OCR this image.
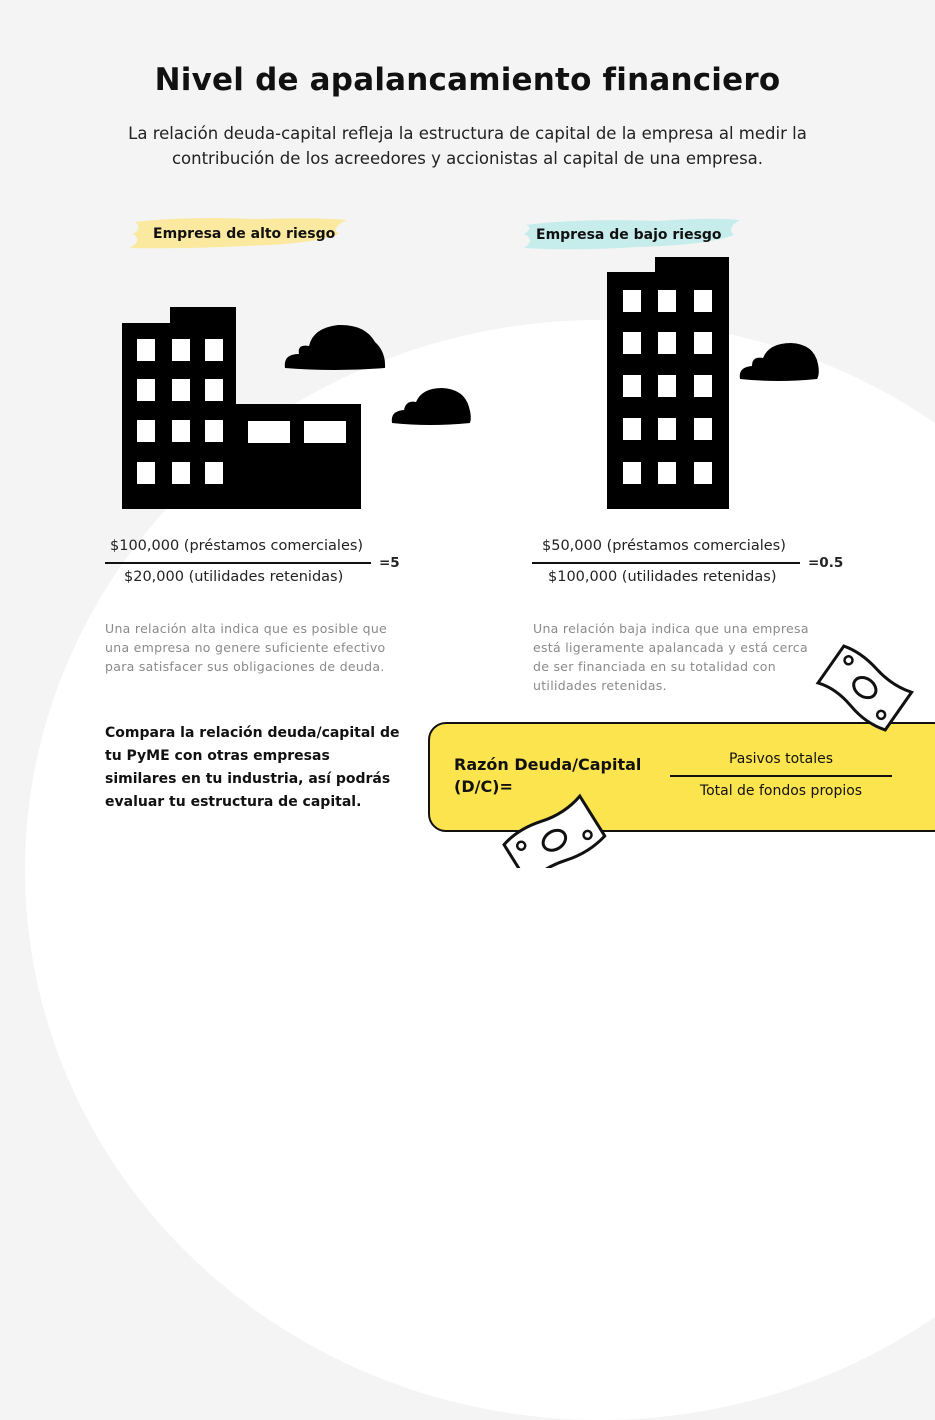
Nivel de apalancamiento financiero
La relación deuda-capital refleja la estructura de capital de la empresa al medir la contribución de los acreedores y accionistas al capital de una empresa.
Empresa de alto riesgo	Empresa de bajo riesgo
$100,000 (préstamos comerciales)
$20,000 (utilidades retenidas)
=5
$50,000 (préstamos comerciales)
$100,000 (utilidades retenidas)
=0.5
Una relación alta indica que es posible que una empresa no genere suficiente efectivo para satisfacer sus obligaciones de deuda.
Una relación baja indica que una empresa está ligeramente apalancada y está cerca de ser financiada en su totalidad con utilidades retenidas.
Compara la relación deuda/capital de tu PyME con otras empresas similares en tu industria, así podrás evaluar tu estructura de capital.
Razón Deuda/Capital (D/C)=
Pasivos totales
Total de fondos propios
